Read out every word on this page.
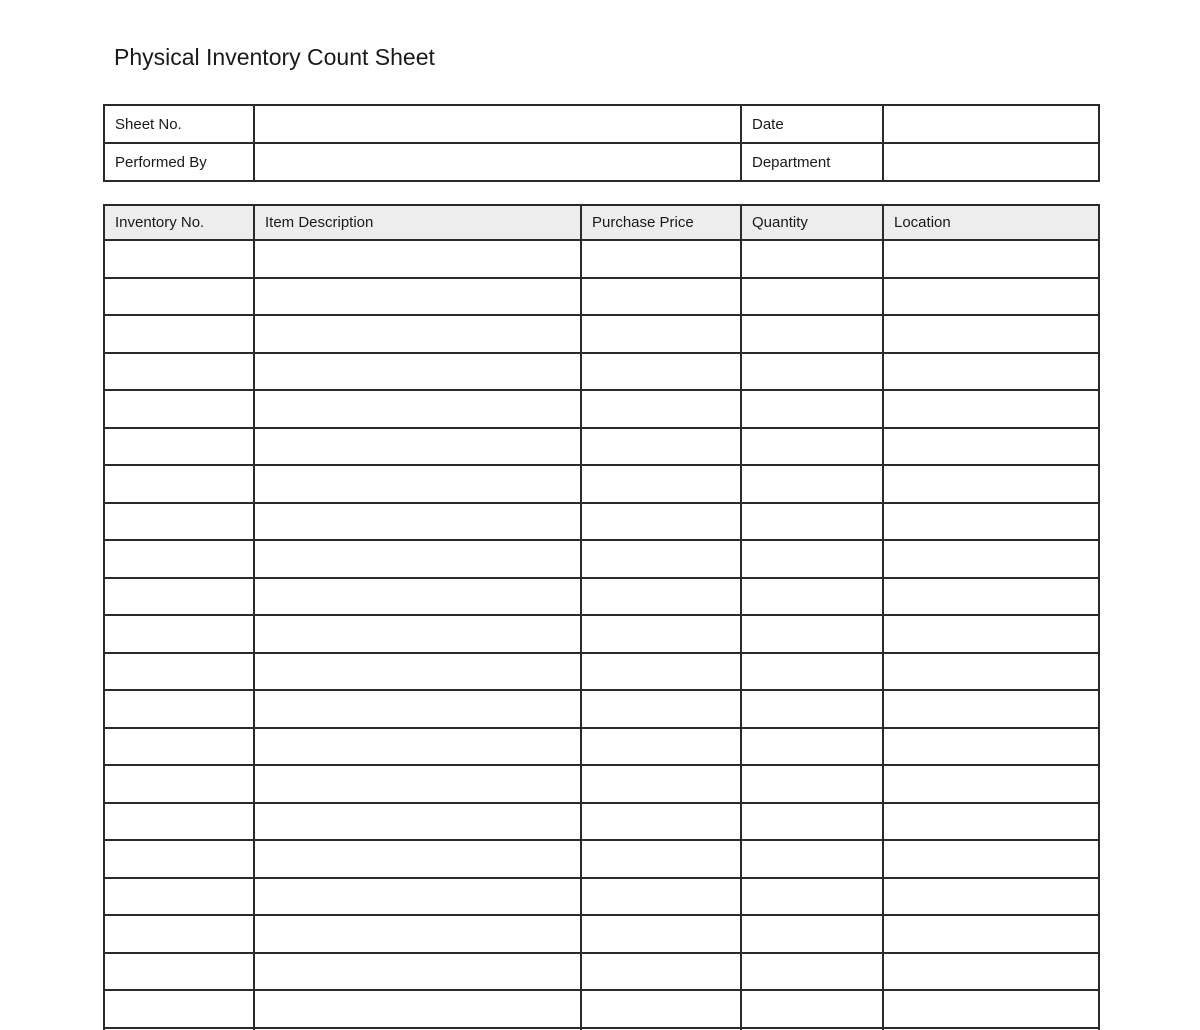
Physical Inventory Count Sheet
Sheet No.		Date	
Performed By		Department	
Inventory No.	Item Description	Purchase Price	Quantity	Location
